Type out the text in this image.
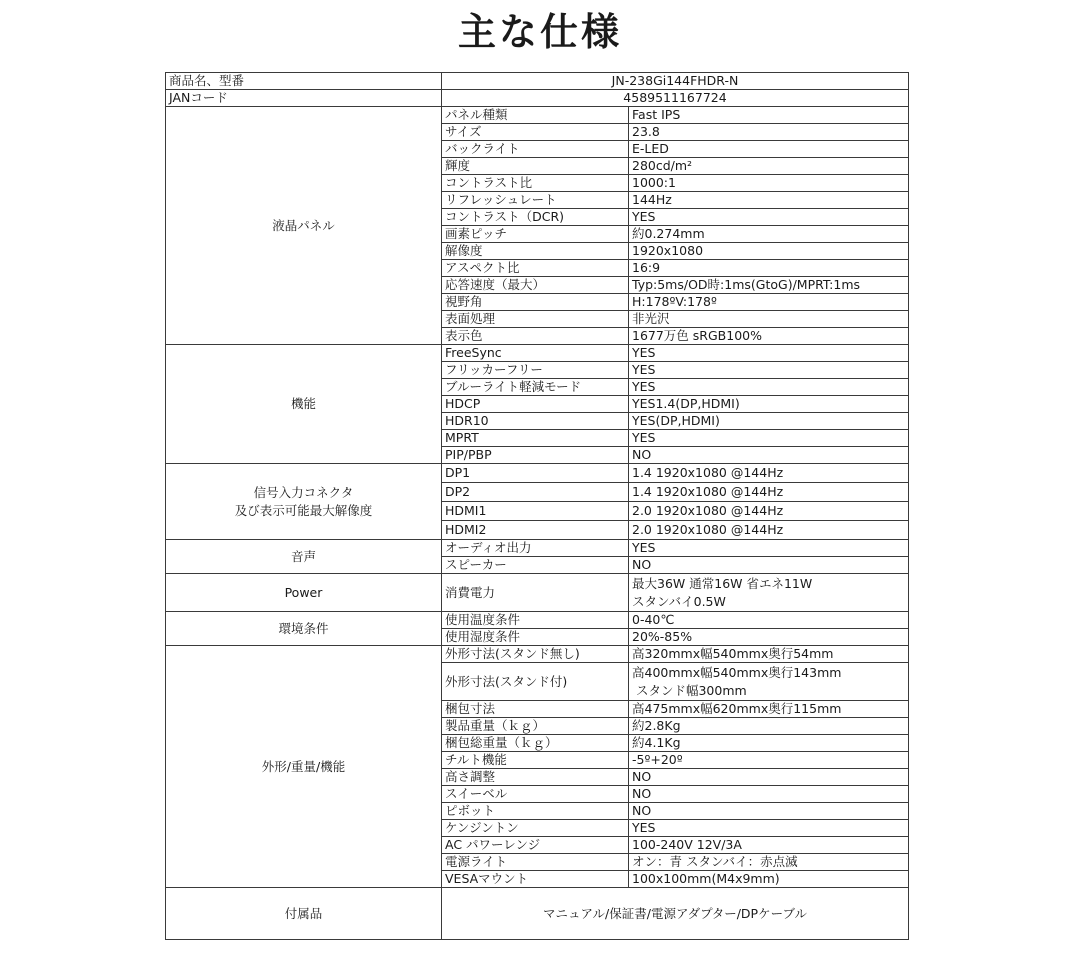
主な仕様
商品名、型番	JN-238Gi144FHDR-N	
JANコード	4589511167724	
液晶パネル	パネル種類	Fast IPS
	サイズ	23.8
	バックライト	E-LED
	輝度	280cd/m²
	コントラスト比	1000:1
	リフレッシュレート	144Hz
	コントラスト（DCR)	YES
	画素ピッチ	約0.274mm
	解像度	1920x1080
	アスペクト比	16:9
	応答速度（最大）	Typ:5ms/OD時:1ms(GtoG)/MPRT:1ms
	視野角	H:178ºV:178º
	表面処理	非光沢
	表示色	1677万色 sRGB100%
機能	FreeSync	YES
	フリッカーフリー	YES
	ブルーライト軽減モード	YES
	HDCP	YES1.4(DP,HDMI)
	HDR10	YES(DP,HDMI)
	MPRT	YES
	PIP/PBP	NO

信号入力コネクタ
及び表示可能最大解像度	DP1	1.4 1920x1080 @144Hz
	DP2	1.4 1920x1080 @144Hz
	HDMI1	2.0 1920x1080 @144Hz
	HDMI2	2.0 1920x1080 @144Hz
音声	オーディオ出力	YES
	スピーカー	NO
Power	消費電力	最大36W 通常16W 省エネ11W
スタンバイ0.5W

環境条件	使用温度条件	0-40℃
	使用湿度条件	20%-85%
外形/重量/機能	外形寸法(スタンド無し)	高320mmx幅540mmx奥行54mm
	外形寸法(スタンド付)	高400mmx幅540mmx奥行143mm
スタンド幅300mm

	梱包寸法	高475mmx幅620mmx奥行115mm
	製品重量（ｋｇ）	約2.8Kg
	梱包総重量（ｋｇ）	約4.1Kg
	チルト機能	-5º+20º
	高さ調整	NO
	スイーベル	NO
	ピボット	NO
	ケンジントン	YES
	AC パワーレンジ	100-240V 12V/3A
	電源ライト	オン：青 スタンバイ：赤点滅
	VESAマウント	100x100mm(M4x9mm)
付属品	マニュアル/保証書/電源アダプター/DPケーブル	
